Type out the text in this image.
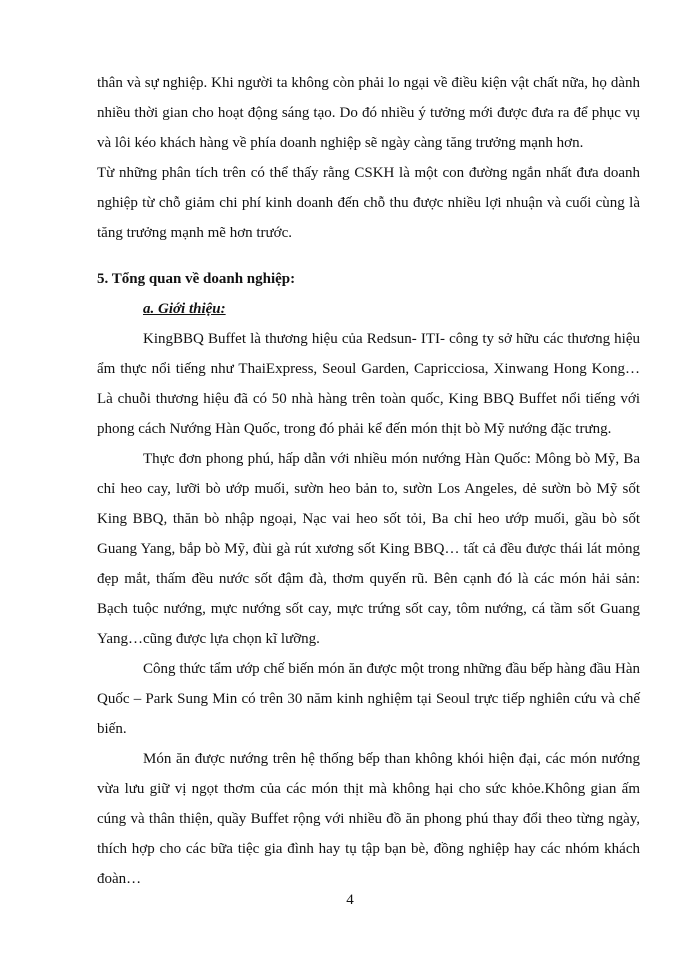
thân và sự nghiệp. Khi người ta không còn phải lo ngại về điều kiện vật chất nữa, họ dành nhiều thời gian cho hoạt động sáng tạo. Do đó nhiều ý tưởng mới được đưa ra để phục vụ và lôi kéo khách hàng về phía doanh nghiệp sẽ ngày càng tăng trưởng mạnh hơn.

Từ những phân tích trên có thể thấy rằng CSKH là một con đường ngắn nhất đưa doanh nghiệp từ chỗ giảm chi phí kinh doanh đến chỗ thu được nhiều lợi nhuận và cuối cùng là tăng trưởng mạnh mẽ hơn trước.

5. Tổng quan về doanh nghiệp:
a. Giới thiệu:

KingBBQ Buffet là thương hiệu của Redsun- ITI- công ty sở hữu các thương hiệu ẩm thực nổi tiếng như ThaiExpress, Seoul Garden, Capricciosa, Xinwang Hong Kong… Là chuỗi thương hiệu đã có 50 nhà hàng trên toàn quốc, King BBQ Buffet nổi tiếng với phong cách Nướng Hàn Quốc, trong đó phải kể đến món thịt bò Mỹ nướng đặc trưng.

Thực đơn phong phú, hấp dẫn với nhiều món nướng Hàn Quốc: Mông bò Mỹ, Ba chỉ heo cay, lưỡi bò ướp muối, sườn heo bản to, sườn Los Angeles, dẻ sườn bò Mỹ sốt King BBQ, thăn bò nhập ngoại, Nạc vai heo sốt tỏi, Ba chỉ heo ướp muối, gầu bò sốt Guang Yang, bắp bò Mỹ, đùi gà rút xương sốt King BBQ… tất cả đều được thái lát mỏng đẹp mắt, thấm đều nước sốt đậm đà, thơm quyến rũ. Bên cạnh đó là các món hải sản: Bạch tuộc nướng, mực nướng sốt cay, mực trứng sốt cay, tôm nướng, cá tầm sốt Guang Yang…cũng được lựa chọn kĩ lưỡng.

Công thức tẩm ướp chế biến món ăn được một trong những đầu bếp hàng đầu Hàn Quốc – Park Sung Min có trên 30 năm kinh nghiệm tại Seoul trực tiếp nghiên cứu và chế biến.

Món ăn được nướng trên hệ thống bếp than không khói hiện đại, các món nướng vừa lưu giữ vị ngọt thơm của các món thịt mà không hại cho sức khỏe.Không gian ấm cúng và thân thiện, quầy Buffet rộng với nhiều đồ ăn phong phú thay đổi theo từng ngày, thích hợp cho các bữa tiệc gia đình hay tụ tập bạn bè, đồng nghiệp hay các nhóm khách đoàn…

4
